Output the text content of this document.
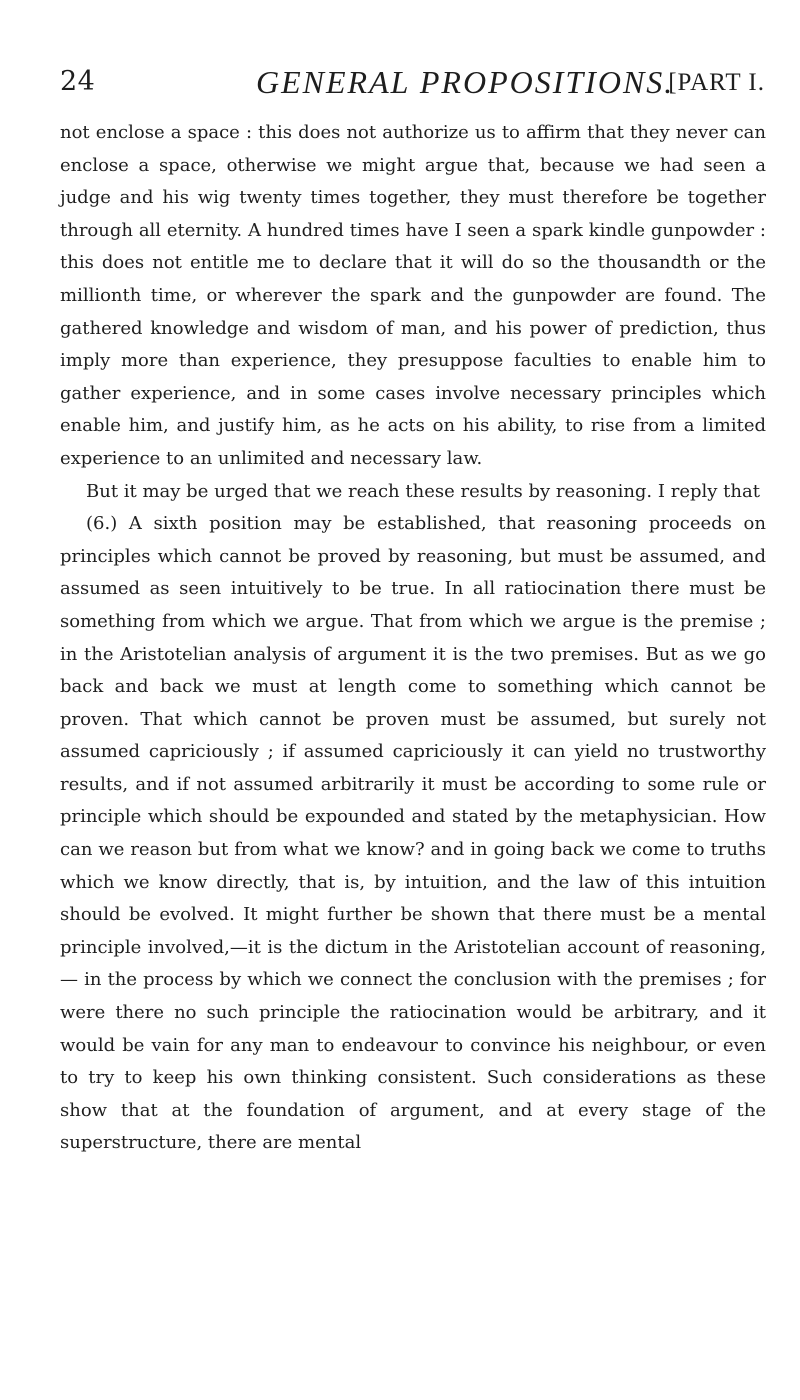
24	GENERAL PROPOSITIONS.
[PART I.

not enclose a space : this does not authorize us to affirm that they never can enclose a space, otherwise we might argue that, because we had seen a judge and his wig twenty times together, they must therefore be together through all eternity. A hundred times have I seen a spark kindle gunpowder : this does not entitle me to declare that it will do so the thousandth or the millionth time, or wherever the spark and the gunpowder are found. The gathered knowledge and wisdom of man, and his power of prediction, thus imply more than experience, they presuppose faculties to enable him to gather experience, and in some cases involve necessary principles which enable him, and justify him, as he acts on his ability, to rise from a limited experience to an unlimited and necessary law.

But it may be urged that we reach these results by reasoning. I reply that

(6.) A sixth position may be established, that reasoning proceeds on principles which cannot be proved by reasoning, but must be assumed, and assumed as seen intuitively to be true. In all ratiocination there must be something from which we argue. That from which we argue is the premise ; in the Aristotelian analysis of argument it is the two premises. But as we go back and back we must at length come to something which cannot be proven. That which cannot be proven must be assumed, but surely not assumed capriciously ; if assumed capriciously it can yield no trustworthy results, and if not assumed arbitrarily it must be according to some rule or principle which should be expounded and stated by the metaphysician. How can we reason but from what we know? and in going back we come to truths which we know directly, that is, by intuition, and the law of this intuition should be evolved. It might further be shown that there must be a mental principle involved,—it is the dictum in the Aristotelian account of reasoning,— in the process by which we connect the conclusion with the premises ; for were there no such principle the ratiocination would be arbitrary, and it would be vain for any man to endeavour to convince his neighbour, or even to try to keep his own thinking consistent. Such considerations as these show that at the foundation of argument, and at every stage of the superstructure, there are mental
